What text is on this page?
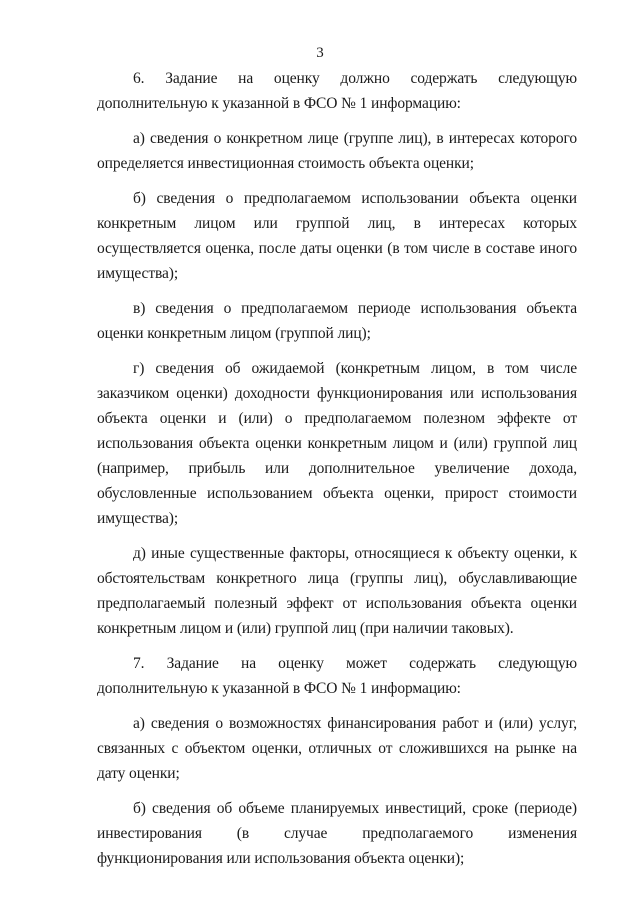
3

6. Задание на оценку должно содержать следующую дополнительную к указанной в ФСО № 1 информацию:

а) сведения о конкретном лице (группе лиц), в интересах которого определяется инвестиционная стоимость объекта оценки;

б) сведения о предполагаемом использовании объекта оценки конкретным лицом или группой лиц, в интересах которых осуществляется оценка, после даты оценки (в том числе в составе иного имущества);

в) сведения о предполагаемом периоде использования объекта оценки конкретным лицом (группой лиц);

г) сведения об ожидаемой (конкретным лицом, в том числе заказчиком оценки) доходности функционирования или использования объекта оценки и (или) о предполагаемом полезном эффекте от использования объекта оценки конкретным лицом и (или) группой лиц (например, прибыль или дополнительное увеличение дохода, обусловленные использованием объекта оценки, прирост стоимости имущества);

д) иные существенные факторы, относящиеся к объекту оценки, к обстоятельствам конкретного лица (группы лиц), обуславливающие предполагаемый полезный эффект от использования объекта оценки конкретным лицом и (или) группой лиц (при наличии таковых).

7. Задание на оценку может содержать следующую дополнительную к указанной в ФСО № 1 информацию:

а) сведения о возможностях финансирования работ и (или) услуг, связанных с объектом оценки, отличных от сложившихся на рынке на дату оценки;

б) сведения об объеме планируемых инвестиций, сроке (периоде) инвестирования (в случае предполагаемого изменения функционирования или использования объекта оценки);
